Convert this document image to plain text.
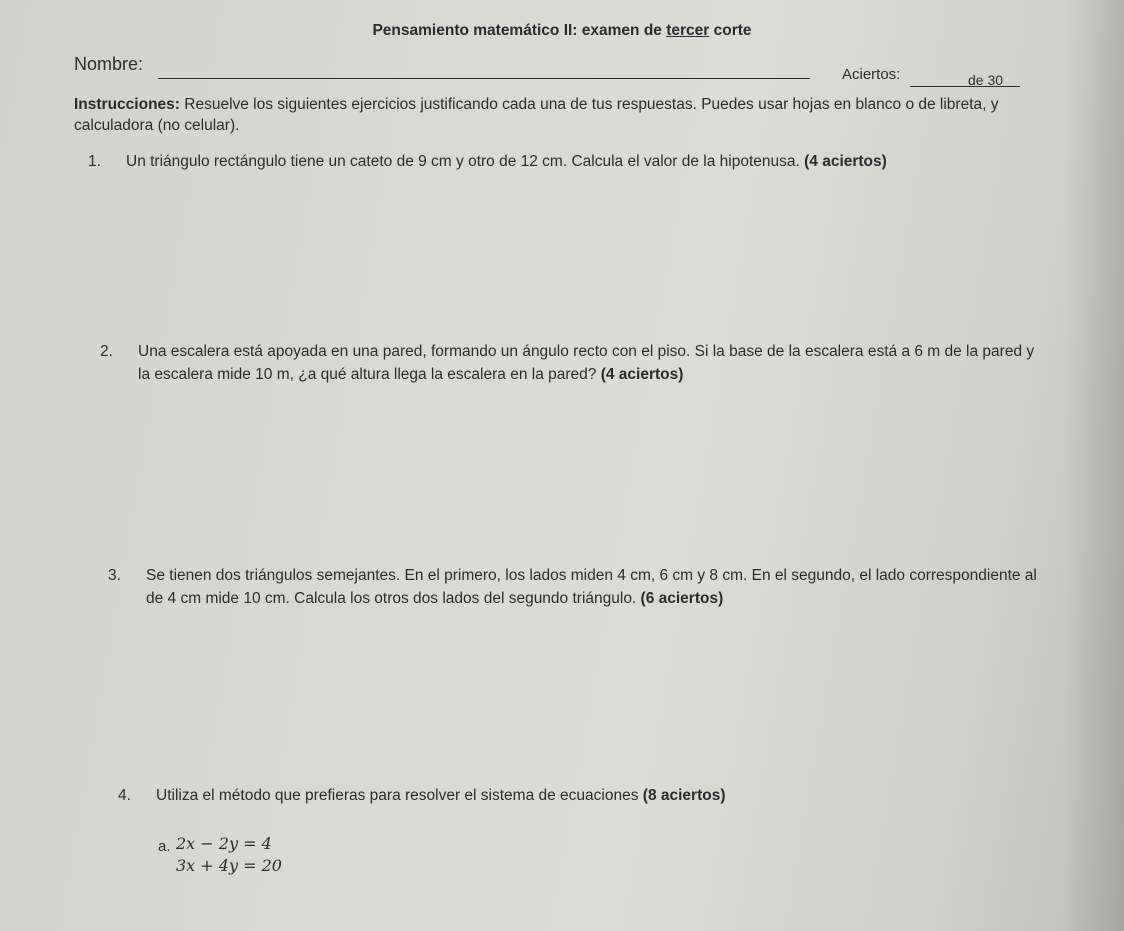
Pensamiento matemático II: examen de tercer corte
Nombre:
Aciertos:	de 30
Instrucciones: Resuelve los siguientes ejercicios justificando cada una de tus respuestas. Puedes usar hojas en blanco o de libreta, y calculadora (no celular).
1. Un triángulo rectángulo tiene un cateto de 9 cm y otro de 12 cm. Calcula el valor de la hipotenusa. (4 aciertos)
2. Una escalera está apoyada en una pared, formando un ángulo recto con el piso. Si la base de la escalera está a 6 m de la pared y
la escalera mide 10 m, ¿a qué altura llega la escalera en la pared? (4 aciertos)
3. Se tienen dos triángulos semejantes. En el primero, los lados miden 4 cm, 6 cm y 8 cm. En el segundo, el lado correspondiente al
de 4 cm mide 10 cm. Calcula los otros dos lados del segundo triángulo. (6 aciertos)
4. Utiliza el método que prefieras para resolver el sistema de ecuaciones (8 aciertos)
a. 2x − 2y = 4
3x + 4y = 20
